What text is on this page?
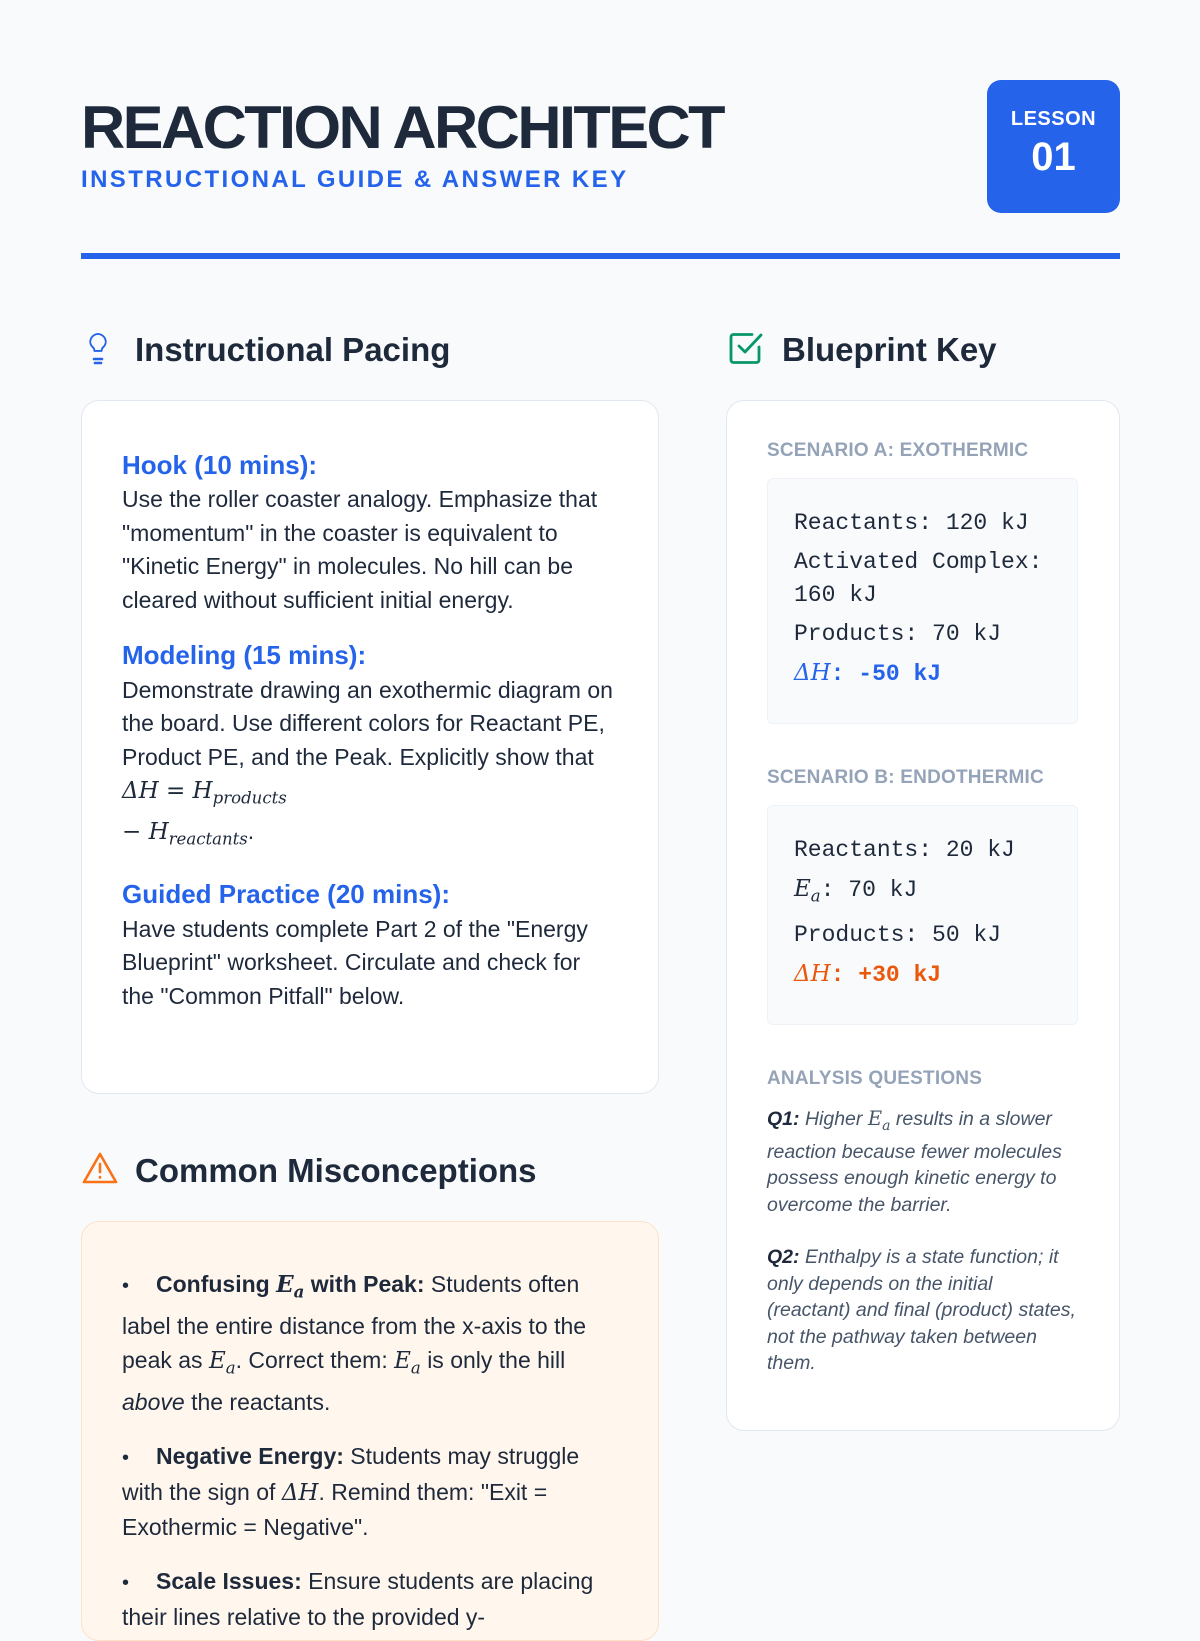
REACTION ARCHITECT
INSTRUCTIONAL GUIDE & ANSWER KEY
LESSON
01
Instructional Pacing
Hook (10 mins):
Use the roller coaster analogy. Emphasize that "momentum" in the coaster is equivalent to "Kinetic Energy" in molecules. No hill can be cleared without sufficient initial energy.
Modeling (15 mins):
Demonstrate drawing an exothermic diagram on the board. Use different colors for Reactant PE, Product PE, and the Peak. Explicitly show that $\Delta H = H_{products}$
− $H_{reactants}$.
Guided Practice (20 mins):
Have students complete Part 2 of the "Energy Blueprint" worksheet. Circulate and check for the "Common Pitfall" below.
Common Misconceptions
• Confusing $E_a$ with Peak: Students often label the entire distance from the x-axis to the peak as $E_a$. Correct them: $E_a$ is only the hill above the reactants.
• Negative Energy: Students may struggle with the sign of ΔH. Remind them: "Exit = Exothermic = Negative".
• Scale Issues: Ensure students are placing their lines relative to the provided y-
Blueprint Key
SCENARIO A: EXOTHERMIC
Reactants: 120 kJ
Activated Complex: 160 kJ
Products: 70 kJ
ΔH: -50 kJ
SCENARIO B: ENDOTHERMIC
Reactants: 20 kJ
$E_a$: 70 kJ
Products: 50 kJ
ΔH: +30 kJ
ANALYSIS QUESTIONS
Q1: Higher $E_a$ results in a slower reaction because fewer molecules possess enough kinetic energy to overcome the barrier.
Q2: Enthalpy is a state function; it only depends on the initial (reactant) and final (product) states, not the pathway taken between them.
